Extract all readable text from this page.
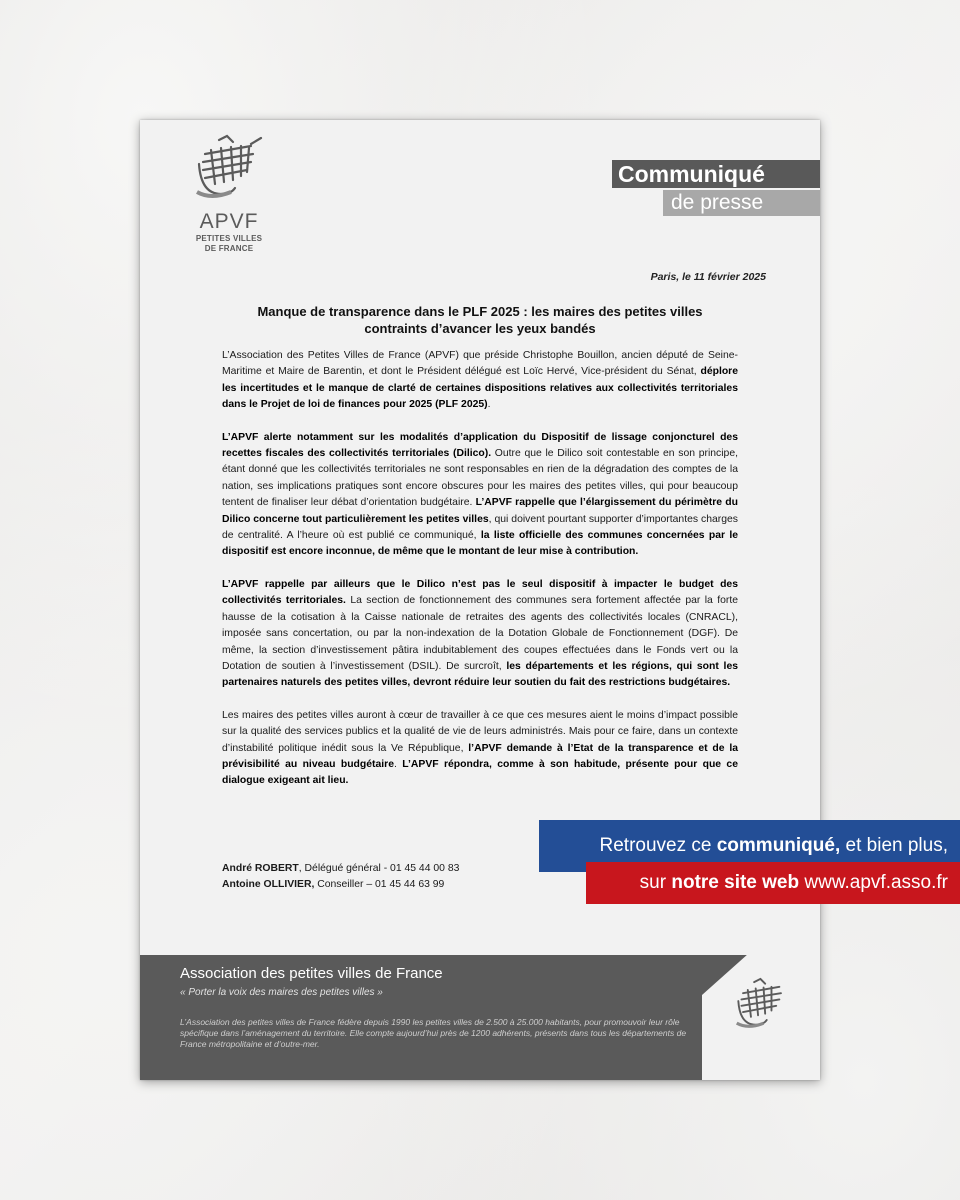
APVF
PETITES VILLES
DE FRANCE
Communiqué
de presse
Paris, le 11 février 2025
Manque de transparence dans le PLF 2025 : les maires des petites villes
contraints d’avancer les yeux bandés

L’Association des Petites Villes de France (APVF) que préside Christophe Bouillon, ancien député de Seine-Maritime et Maire de Barentin, et dont le Président délégué est Loïc Hervé, Vice-président du Sénat, déplore les incertitudes et le manque de clarté de certaines dispositions relatives aux collectivités territoriales dans le Projet de loi de finances pour 2025 (PLF 2025).

L’APVF alerte notamment sur les modalités d’application du Dispositif de lissage conjoncturel des recettes fiscales des collectivités territoriales (Dilico). Outre que le Dilico soit contestable en son principe, étant donné que les collectivités territoriales ne sont responsables en rien de la dégradation des comptes de la nation, ses implications pratiques sont encore obscures pour les maires des petites villes, qui pour beaucoup tentent de finaliser leur débat d’orientation budgétaire. L’APVF rappelle que l’élargissement du périmètre du Dilico concerne tout particulièrement les petites villes, qui doivent pourtant supporter d’importantes charges de centralité. A l’heure où est publié ce communiqué, la liste officielle des communes concernées par le dispositif est encore inconnue, de même que le montant de leur mise à contribution.

L’APVF rappelle par ailleurs que le Dilico n’est pas le seul dispositif à impacter le budget des collectivités territoriales. La section de fonctionnement des communes sera fortement affectée par la forte hausse de la cotisation à la Caisse nationale de retraites des agents des collectivités locales (CNRACL), imposée sans concertation, ou par la non-indexation de la Dotation Globale de Fonctionnement (DGF). De même, la section d’investissement pâtira indubitablement des coupes effectuées dans le Fonds vert ou la Dotation de soutien à l’investissement (DSIL). De surcroît, les départements et les régions, qui sont les partenaires naturels des petites villes, devront réduire leur soutien du fait des restrictions budgétaires.

Les maires des petites villes auront à cœur de travailler à ce que ces mesures aient le moins d’impact possible sur la qualité des services publics et la qualité de vie de leurs administrés. Mais pour ce faire, dans un contexte d’instabilité politique inédit sous la Ve République, l’APVF demande à l’Etat de la transparence et de la prévisibilité au niveau budgétaire. L’APVF répondra, comme à son habitude, présente pour que ce dialogue exigeant ait lieu.

André ROBERT, Délégué général - 01 45 44 00 83
Antoine OLLIVIER, Conseiller – 01 45 44 63 99
Association des petites villes de France
« Porter la voix des maires des petites villes »
L’Association des petites villes de France fédère depuis 1990 les petites villes de 2.500 à 25.000 habitants, pour promouvoir leur rôle spécifique dans l’aménagement du territoire. Elle compte aujourd’hui près de 1200 adhérents, présents dans tous les départements de France métropolitaine et d’outre-mer.
Retrouvez ce communiqué, et bien plus,
sur notre site web www.apvf.asso.fr
